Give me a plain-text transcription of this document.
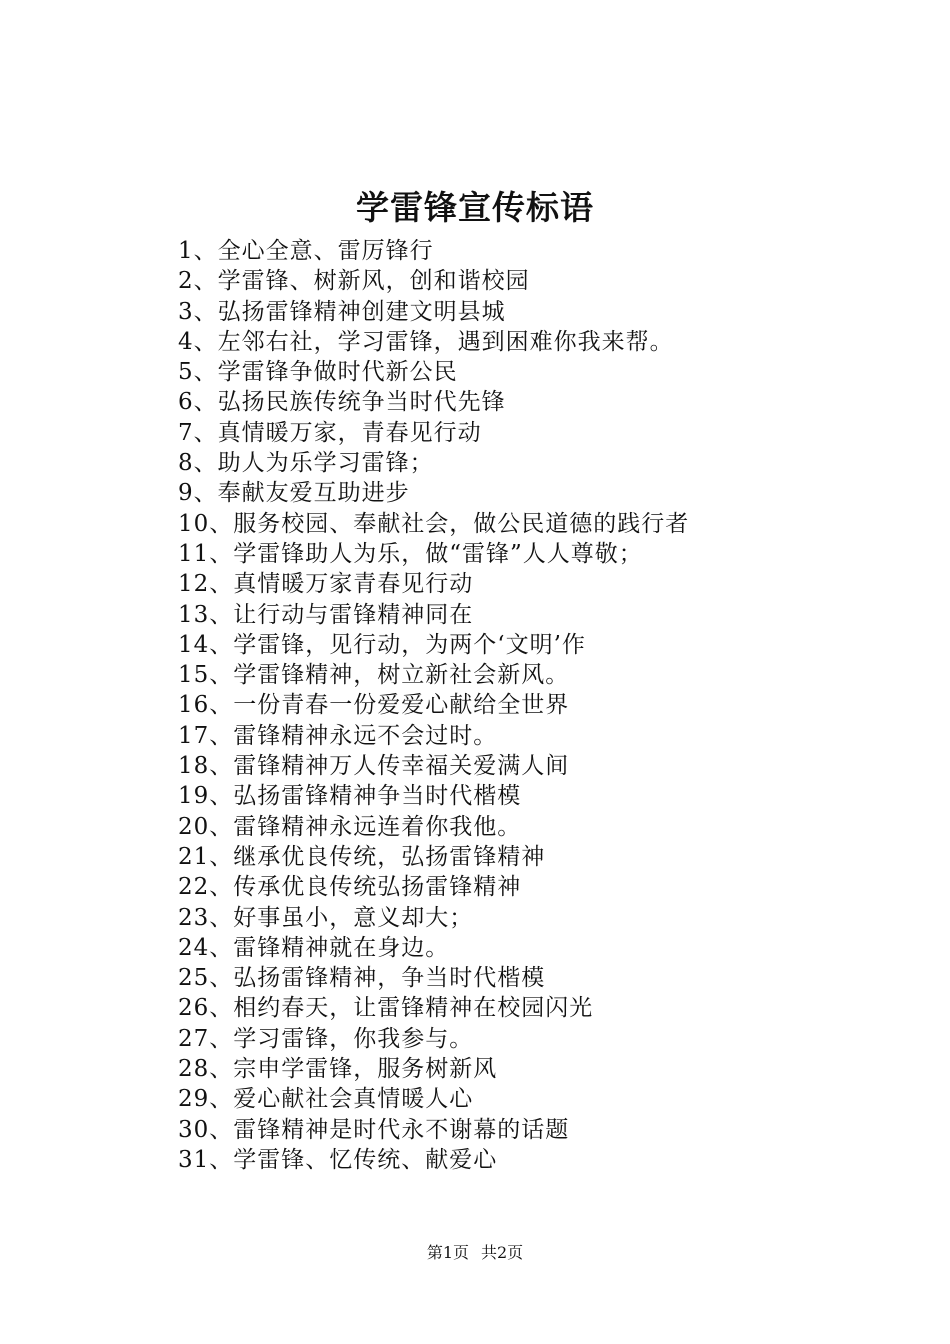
学雷锋宣传标语
1、全心全意、雷厉锋行
2、学雷锋、树新风，创和谐校园
3、弘扬雷锋精神创建文明县城
4、左邻右社，学习雷锋，遇到困难你我来帮。
5、学雷锋争做时代新公民
6、弘扬民族传统争当时代先锋
7、真情暖万家，青春见行动
8、助人为乐学习雷锋；
9、奉献友爱互助进步
10、服务校园、奉献社会，做公民道德的践行者
11、学雷锋助人为乐，做“雷锋”人人尊敬；
12、真情暖万家青春见行动
13、让行动与雷锋精神同在
14、学雷锋，见行动，为两个‘文明’作
15、学雷锋精神，树立新社会新风。
16、一份青春一份爱爱心献给全世界
17、雷锋精神永远不会过时。
18、雷锋精神万人传幸福关爱满人间
19、弘扬雷锋精神争当时代楷模
20、雷锋精神永远连着你我他。
21、继承优良传统，弘扬雷锋精神
22、传承优良传统弘扬雷锋精神
23、好事虽小，意义却大；
24、雷锋精神就在身边。
25、弘扬雷锋精神，争当时代楷模
26、相约春天，让雷锋精神在校园闪光
27、学习雷锋，你我参与。
28、宗申学雷锋，服务树新风
29、爱心献社会真情暖人心
30、雷锋精神是时代永不谢幕的话题
31、学雷锋、忆传统、献爱心
第1页 共2页
